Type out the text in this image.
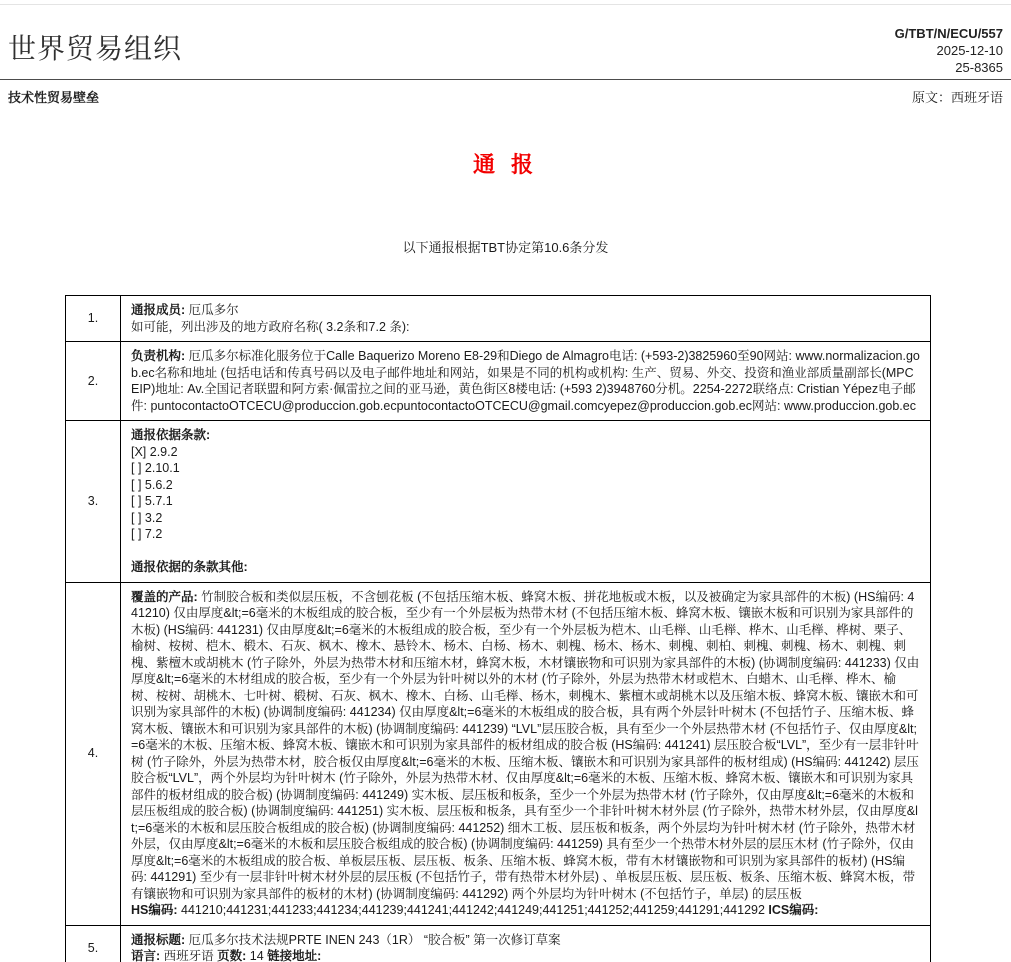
世界贸易组织	G/TBT/N/ECU/557
2025-12-10
25-8365
技术性贸易壁垒	原文：西班牙语
通 报
以下通报根据TBT协定第10.6条分发
1.	通报成员: 厄瓜多尔
如可能，列出涉及的地方政府名称( 3.2条和7.2 条):

2.	负责机构: 厄瓜多尔标准化服务位于Calle Baquerizo Moreno E8-29和Diego de Almagro电话: (+593-2)3825960至90网站: www.normalizacion.gob.ec名称和地址 (包括电话和传真号码以及电子邮件地址和网站，如果是不同的机构或机构: 生产、贸易、外交、投资和渔业部质量副部长(MPCEIP)地址: Av.全国记者联盟和阿方索·佩雷拉之间的亚马逊，黄色街区8楼电话: (+593 2)3948760分机。2254-2272联络点: Cristian Yépez电子邮件: puntocontactoOTCECU@produccion.gob.ecpuntocontactoOTCECU@gmail.comcyepez@produccion.gob.ec网站: www.produccion.gob.ec

3.	
通报依据条款:
[X] 2.9.2
[ ] 2.10.1
[ ] 5.6.2
[ ] 5.7.1
[ ] 3.2
[ ] 7.2

通报依据的条款其他:

4.	覆盖的产品: 竹制胶合板和类似层压板，不含刨花板 (不包括压缩木板、蜂窝木板、拼花地板或木板，以及被确定为家具部件的木板) (HS编码: 441210) 仅由厚度&lt;=6毫米的木板组成的胶合板，至少有一个外层板为热带木材 (不包括压缩木板、蜂窝木板、镶嵌木板和可识别为家具部件的木板) (HS编码: 441231) 仅由厚度&lt;=6毫米的木板组成的胶合板，至少有一个外层板为桤木、山毛榉、山毛榉、桦木、山毛榉、桦树、栗子、榆树、桉树、桤木、椴木、石灰、枫木、橡木、悬铃木、杨木、白杨、杨木、刺槐、杨木、杨木、刺槐、刺柏、刺槐、刺槐、杨木、刺槐、刺槐、紫檀木或胡桃木 (竹子除外，外层为热带木材和压缩木材，蜂窝木板，木材镶嵌物和可识别为家具部件的木板) (协调制度编码: 441233) 仅由厚度&lt;=6毫米的木材组成的胶合板，至少有一个外层为针叶树以外的木材 (竹子除外，外层为热带木材或桤木、白蜡木、山毛榉、桦木、榆树、桉树、胡桃木、七叶树、椴树、石灰、枫木、橡木、白杨、山毛榉、杨木，刺槐木、紫檀木或胡桃木以及压缩木板、蜂窝木板、镶嵌木和可识别为家具部件的木板) (协调制度编码: 441234) 仅由厚度&lt;=6毫米的木板组成的胶合板，具有两个外层针叶树木 (不包括竹子、压缩木板、蜂窝木板、镶嵌木和可识别为家具部件的木板) (协调制度编码: 441239) “LVL”层压胶合板，具有至少一个外层热带木材 (不包括竹子、仅由厚度&lt;=6毫米的木板、压缩木板、蜂窝木板、镶嵌木和可识别为家具部件的板材组成的胶合板 (HS编码: 441241) 层压胶合板“LVL”，至少有一层非针叶树 (竹子除外，外层为热带木材，胶合板仅由厚度&lt;=6毫米的木板、压缩木板、镶嵌木和可识别为家具部件的板材组成) (HS编码: 441242) 层压胶合板“LVL”，两个外层均为针叶树木 (竹子除外，外层为热带木材、仅由厚度&lt;=6毫米的木板、压缩木板、蜂窝木板、镶嵌木和可识别为家具部件的板材组成的胶合板) (协调制度编码: 441249) 实木板、层压板和板条，至少一个外层为热带木材 (竹子除外，仅由厚度&lt;=6毫米的木板和层压板组成的胶合板) (协调制度编码: 441251) 实木板、层压板和板条，具有至少一个非针叶树木材外层 (竹子除外，热带木材外层，仅由厚度&lt;=6毫米的木板和层压胶合板组成的胶合板) (协调制度编码: 441252) 细木工板、层压板和板条，两个外层均为针叶树木材 (竹子除外，热带木材外层，仅由厚度&lt;=6毫米的木板和层压胶合板组成的胶合板) (协调制度编码: 441259) 具有至少一个热带木材外层的层压木材 (竹子除外，仅由厚度&lt;=6毫米的木板组成的胶合板、单板层压板、层压板、板条、压缩木板、蜂窝木板，带有木材镶嵌物和可识别为家具部件的板材) (HS编码: 441291) 至少有一层非针叶树木材外层的层压板 (不包括竹子，带有热带木材外层) 、单板层压板、层压板、板条、压缩木板、蜂窝木板，带有镶嵌物和可识别为家具部件的板材的木材) (协调制度编码: 441292) 两个外层均为针叶树木 (不包括竹子，单层) 的层压板
HS编码: 441210;441231;441233;441234;441239;441241;441242;441249;441251;441252;441259;441291;441292 ICS编码:

5.	通报标题: 厄瓜多尔技术法规PRTE INEN 243（1R） “胶合板” 第一次修订草案
语言: 西班牙语 页数: 14 链接地址:
